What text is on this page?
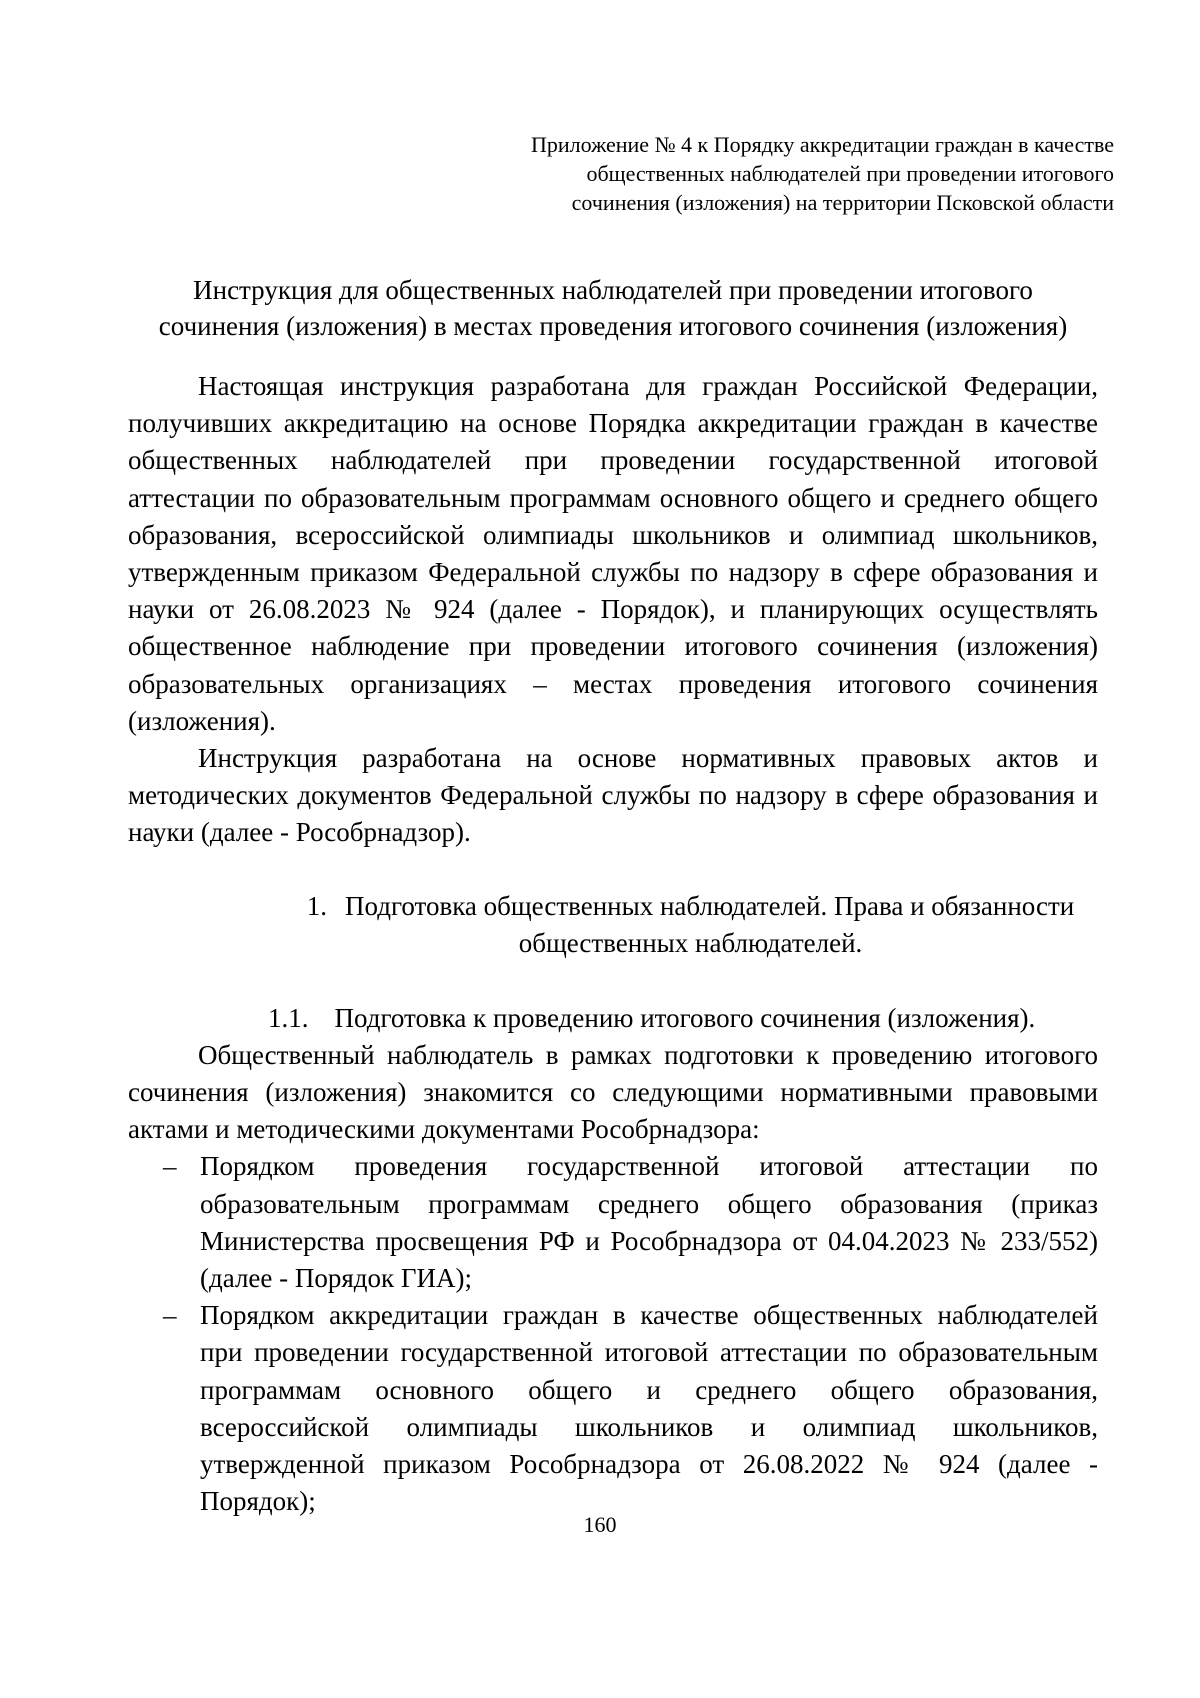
Приложение № 4 к Порядку аккредитации граждан в качестве
общественных наблюдателей при проведении итогового
сочинения (изложения) на территории Псковской области
Инструкция для общественных наблюдателей при проведении итогового
сочинения (изложения) в местах проведения итогового сочинения (изложения)

Настоящая инструкция разработана для граждан Российской Федерации, получивших аккредитацию на основе Порядка аккредитации граждан в качестве общественных наблюдателей при проведении государственной итоговой аттестации по образовательным программам основного общего и среднего общего образования, всероссийской олимпиады школьников и олимпиад школьников, утвержденным приказом Федеральной службы по надзору в сфере образования и науки от 26.08.2023 № 924 (далее - Порядок), и планирующих осуществлять общественное наблюдение при проведении итогового сочинения (изложения) образовательных организациях – местах проведения итогового сочинения (изложения).

Инструкция разработана на основе нормативных правовых актов и методических документов Федеральной службы по надзору в сфере образования и науки (далее - Рособрнадзор).

1. Подготовка общественных наблюдателей. Права и обязанности
общественных наблюдателей.

1.1. Подготовка к проведению итогового сочинения (изложения).

Общественный наблюдатель в рамках подготовки к проведению итогового сочинения (изложения) знакомится со следующими нормативными правовыми актами и методическими документами Рособрнадзора:

– Порядком проведения государственной итоговой аттестации по образовательным программам среднего общего образования (приказ Министерства просвещения РФ и Рособрнадзора от 04.04.2023 № 233/552) (далее - Порядок ГИА);
– Порядком аккредитации граждан в качестве общественных наблюдателей при проведении государственной итоговой аттестации по образовательным программам основного общего и среднего общего образования, всероссийской олимпиады школьников и олимпиад школьников, утвержденной приказом Рособрнадзора от 26.08.2022 № 924 (далее - Порядок);
160
